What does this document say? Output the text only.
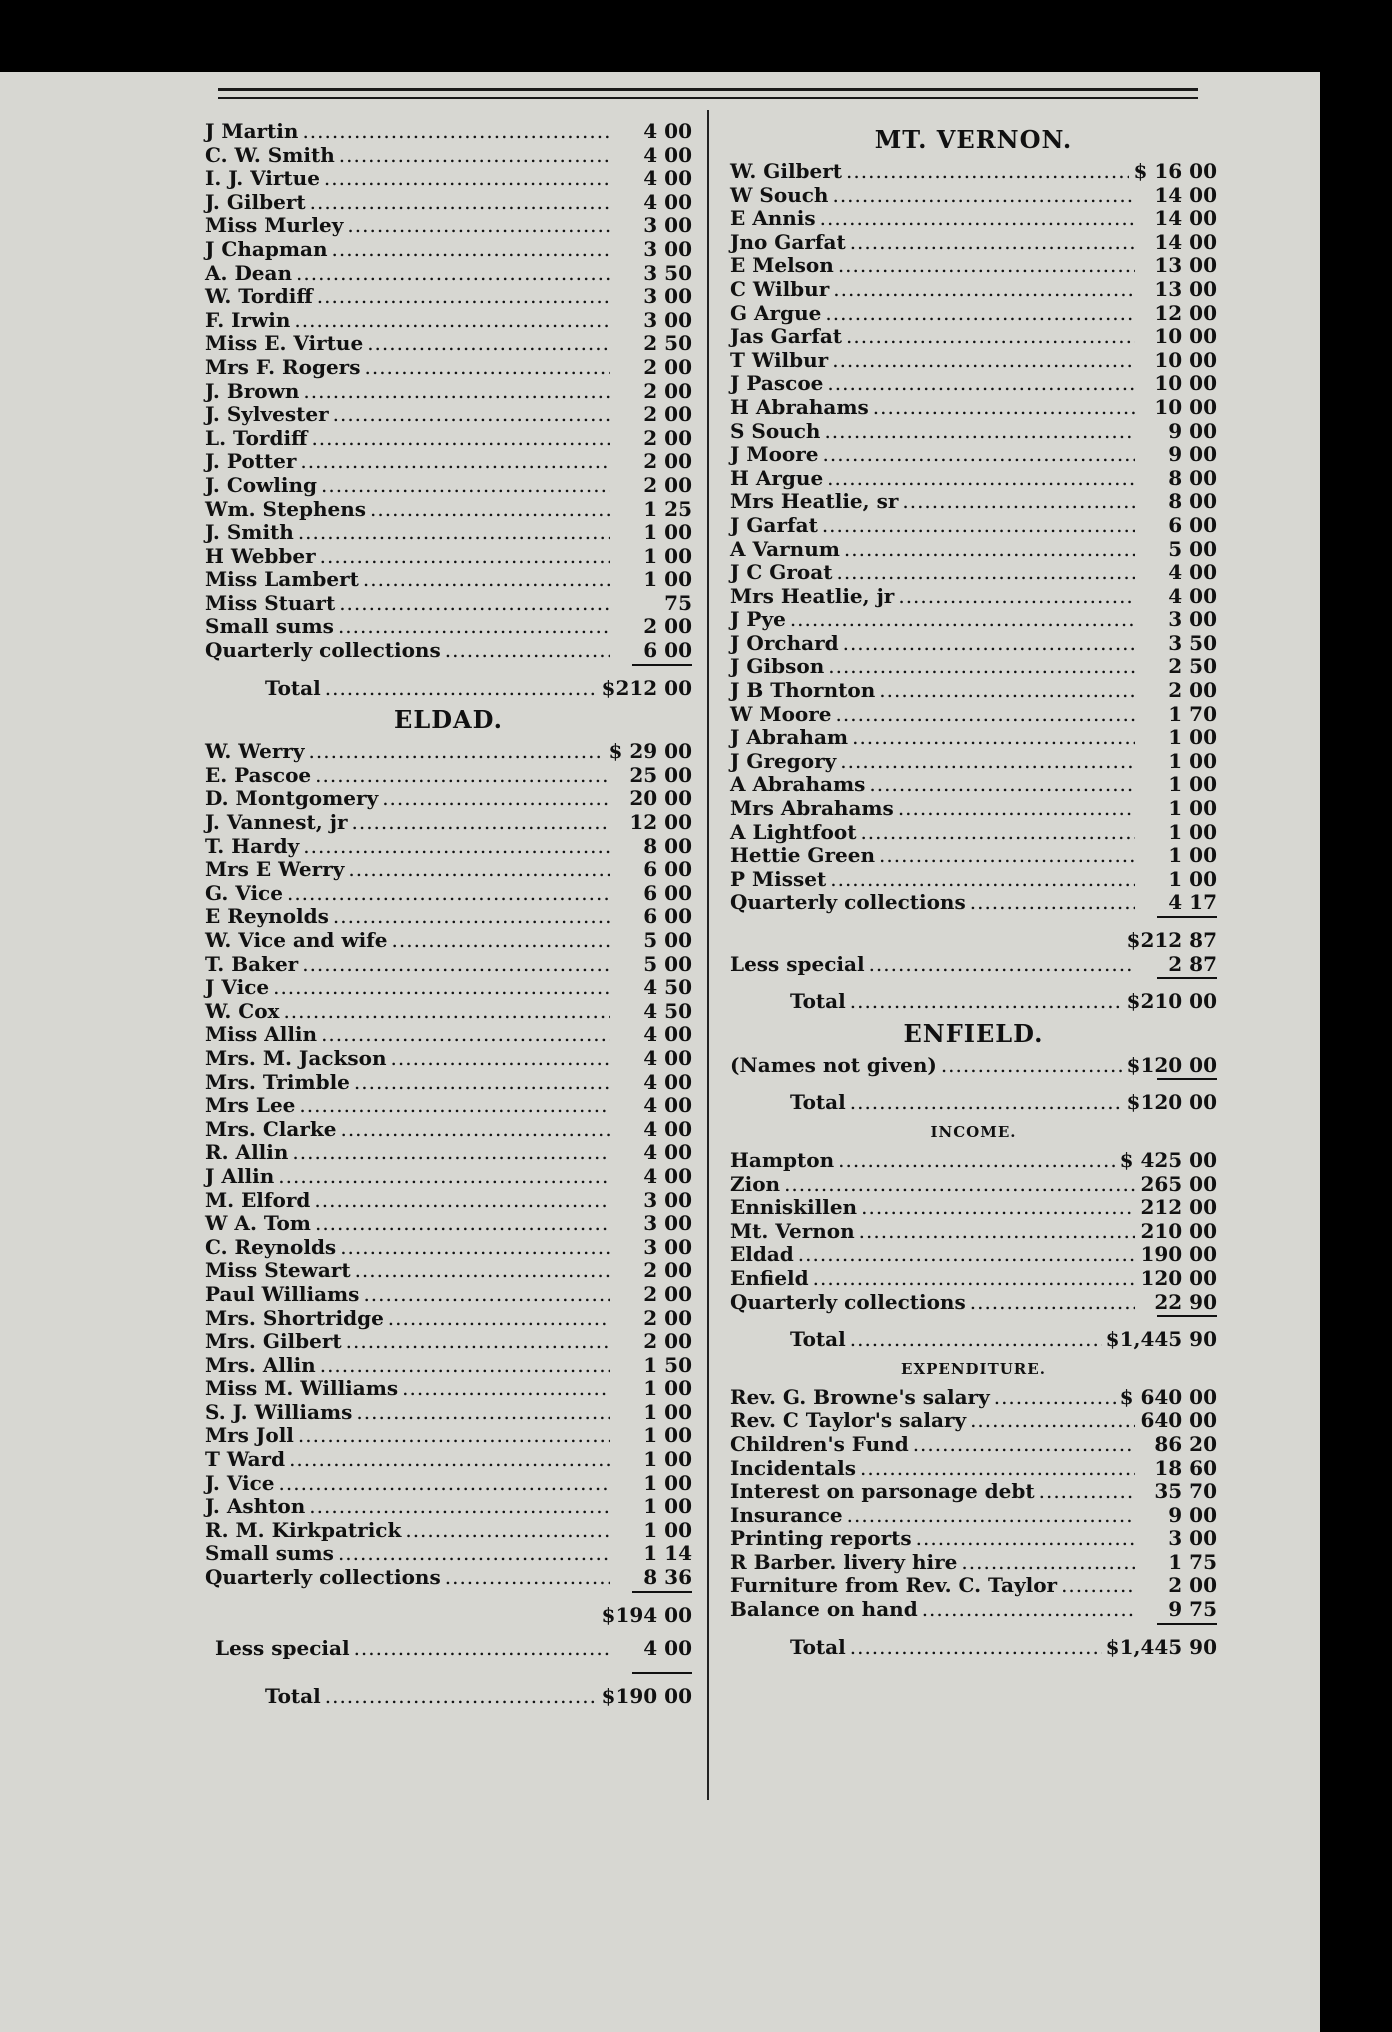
J Martin .....	4 00
C. W. Smith .....	4 00
I. J. Virtue .....	4 00
J. Gilbert .....	4 00
Miss Murley .....	3 00
J Chapman .....	3 00
A. Dean .....	3 50
W. Tordiff .....	3 00
F. Irwin .....	3 00
Miss E. Virtue .....	2 50
Mrs F. Rogers .....	2 00
J. Brown .....	2 00
J. Sylvester .....	2 00
L. Tordiff .....	2 00
J. Potter .....	2 00
J. Cowling .....	2 00
Wm. Stephens .....	1 25
J. Smith .....	1 00
H Webber .....	1 00
Miss Lambert .....	1 00
Miss Stuart .....	75
Small sums .....	2 00
Quarterly collections .....	6 00
Total .....	$212 00
ELDAD.
W. Werry .....	$ 29 00
E. Pascoe .....	25 00
D. Montgomery .....	20 00
J. Vannest, jr .....	12 00
T. Hardy .....	8 00
Mrs E Werry .....	6 00
G. Vice .....	6 00
E Reynolds .....	6 00
W. Vice and wife .....	5 00
T. Baker .....	5 00
J Vice .....	4 50
W. Cox .....	4 50
Miss Allin .....	4 00
Mrs. M. Jackson .....	4 00
Mrs. Trimble .....	4 00
Mrs Lee .....	4 00
Mrs. Clarke .....	4 00
R. Allin .....	4 00
J Allin .....	4 00
M. Elford .....	3 00
W A. Tom .....	3 00
C. Reynolds .....	3 00
Miss Stewart .....	2 00
Paul Williams .....	2 00
Mrs. Shortridge .....	2 00
Mrs. Gilbert .....	2 00
Mrs. Allin .....	1 50
Miss M. Williams .....	1 00
S. J. Williams .....	1 00
Mrs Joll .....	1 00
T Ward .....	1 00
J. Vice .....	1 00
J. Ashton .....	1 00
R. M. Kirkpatrick .....	1 00
Small sums .....	1 14
Quarterly collections .....	8 36
$194 00
Less special .....	4 00
Total .....	$190 00
MT. VERNON.
W. Gilbert .....	$ 16 00
W Souch .....	14 00
E Annis .....	14 00
Jno Garfat .....	14 00
E Melson .....	13 00
C Wilbur .....	13 00
G Argue .....	12 00
Jas Garfat .....	10 00
T Wilbur .....	10 00
J Pascoe .....	10 00
H Abrahams .....	10 00
S Souch .....	9 00
J Moore .....	9 00
H Argue .....	8 00
Mrs Heatlie, sr .....	8 00
J Garfat .....	6 00
A Varnum .....	5 00
J C Groat .....	4 00
Mrs Heatlie, jr .....	4 00
J Pye .....	3 00
J Orchard .....	3 50
J Gibson .....	2 50
J B Thornton .....	2 00
W Moore .....	1 70
J Abraham .....	1 00
J Gregory .....	1 00
A Abrahams .....	1 00
Mrs Abrahams .....	1 00
A Lightfoot .....	1 00
Hettie Green .....	1 00
P Misset .....	1 00
Quarterly collections .....	4 17
$212 87
Less special .....	2 87
Total .....	$210 00
ENFIELD.
(Names not given) .....	$120 00
Total .....	$120 00
INCOME.
Hampton .....	$ 425 00
Zion .....	265 00
Enniskillen .....	212 00
Mt. Vernon .....	210 00
Eldad .....	190 00
Enfield .....	120 00
Quarterly collections .....	22 90
Total .....	$1,445 90
EXPENDITURE.
Rev. G. Browne's salary .....	$ 640 00
Rev. C Taylor's salary .....	640 00
Children's Fund .....	86 20
Incidentals .....	18 60
Interest on parsonage debt .....	35 70
Insurance .....	9 00
Printing reports .....	3 00
R Barber. livery hire .....	1 75
Furniture from Rev. C. Taylor .....	2 00
Balance on hand .....	9 75
Total .....	$1,445 90
